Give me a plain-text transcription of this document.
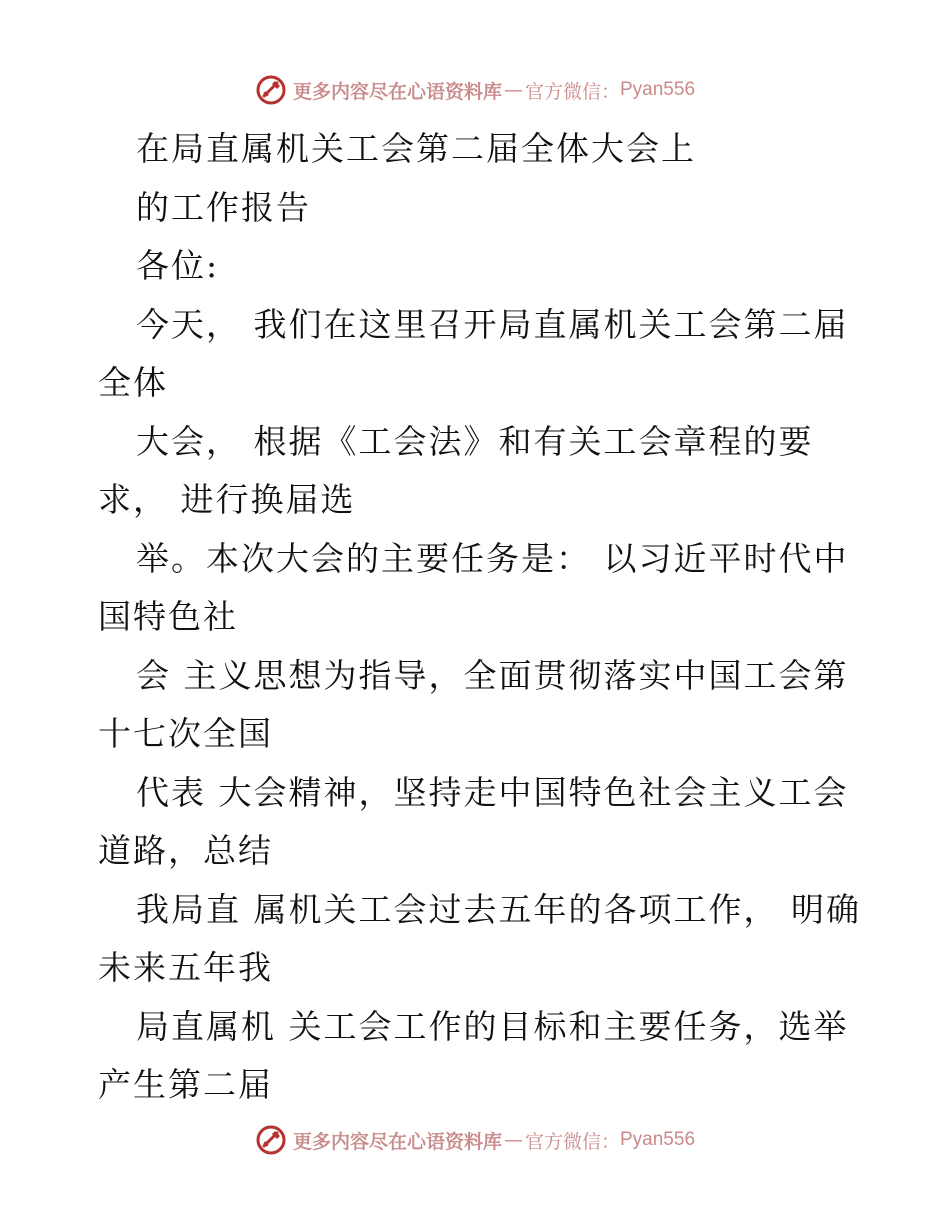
更多内容尽在心语资料库 — 官方微信： Pyan556
在局直属机关工会第二届全体大会上
的工作报告
各位:
今天， 我们在这里召开局直属机关工会第二届
全体
大会， 根据《工会法》和有关工会章程的要
求， 进行换届选
举。本次大会的主要任务是： 以习近平时代中
国特色社
会 主义思想为指导，全面贯彻落实中国工会第
十七次全国
代表 大会精神，坚持走中国特色社会主义工会
道路，总结
我局直 属机关工会过去五年的各项工作， 明确
未来五年我
局直属机 关工会工作的目标和主要任务，选举
产生第二届
更多内容尽在心语资料库 — 官方微信： Pyan556
